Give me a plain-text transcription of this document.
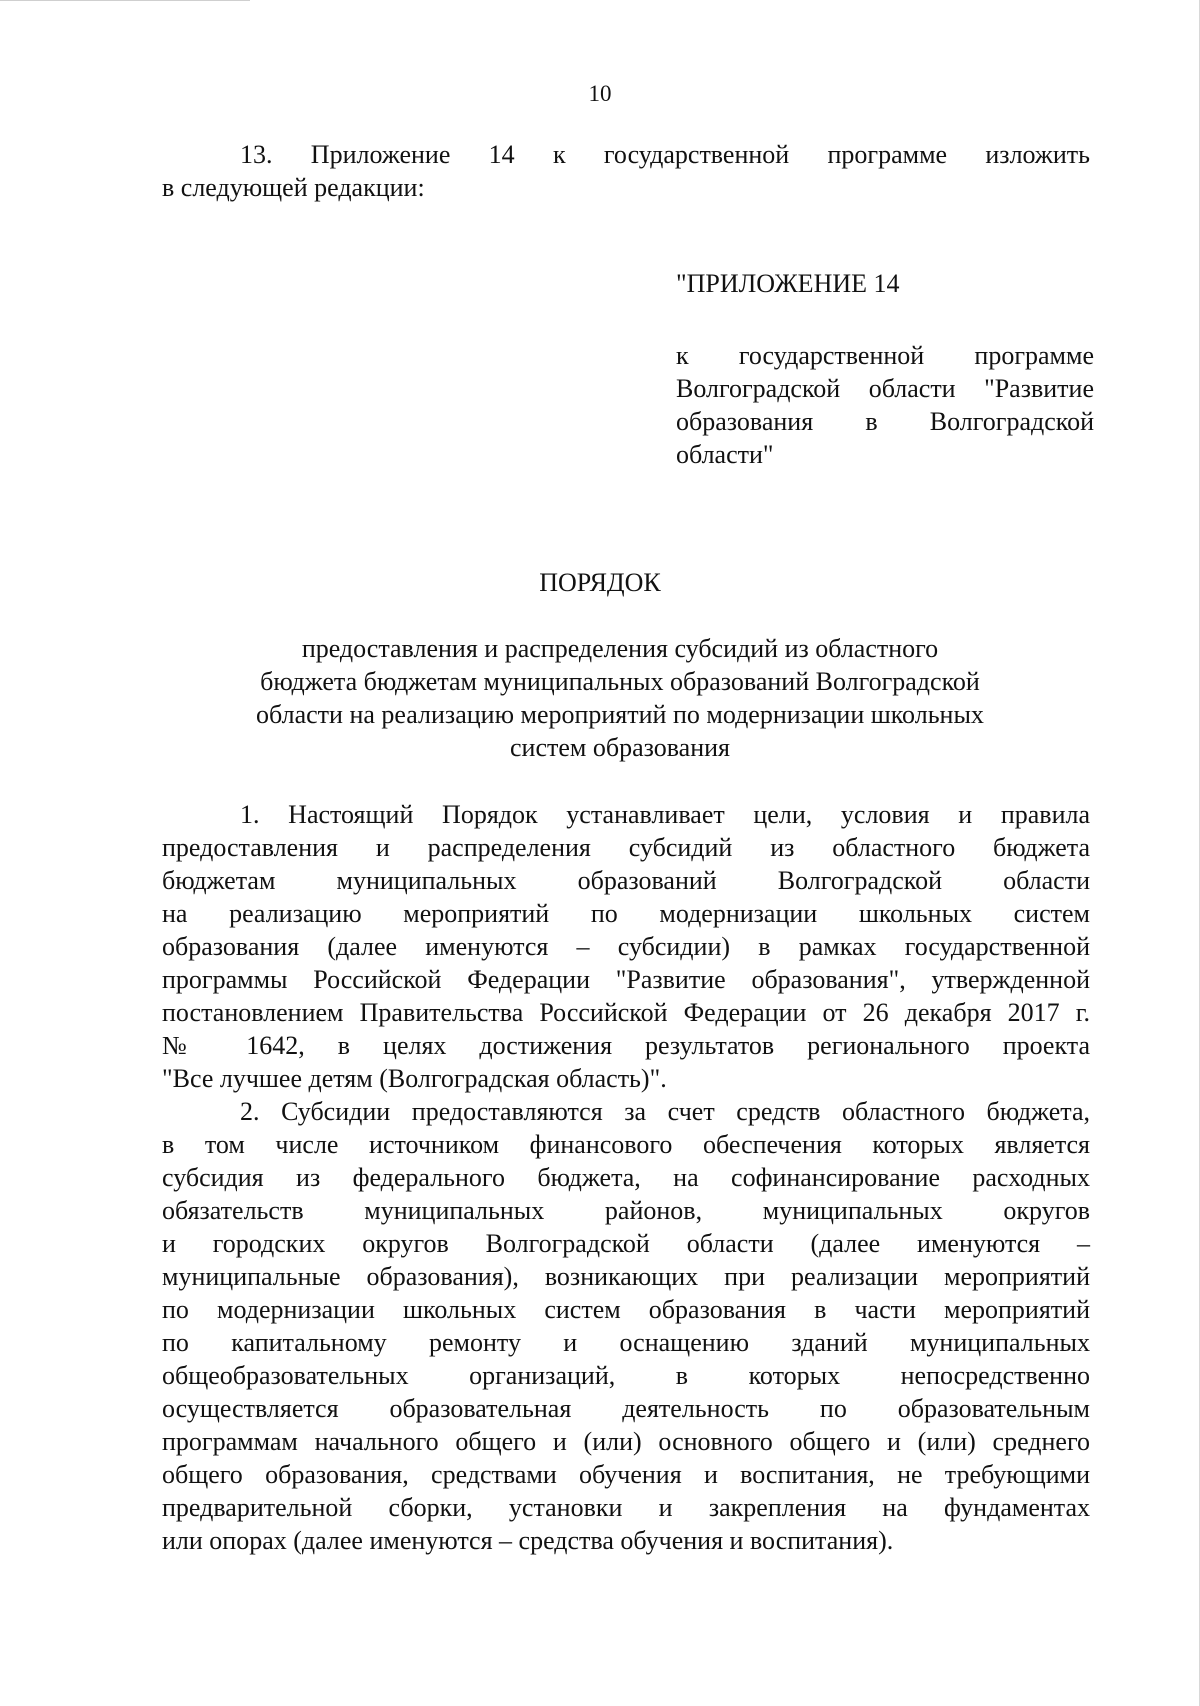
10
13. Приложение 14 к государственной программе изложить
в следующей редакции:
"ПРИЛОЖЕНИЕ 14
к государственной программе
Волгоградской области "Развитие
образования в Волгоградской
области"
ПОРЯДОК
предоставления и распределения субсидий из областного
бюджета бюджетам муниципальных образований Волгоградской
области на реализацию мероприятий по модернизации школьных
систем образования
1. Настоящий Порядок устанавливает цели, условия и правила
предоставления и распределения субсидий из областного бюджета
бюджетам муниципальных образований Волгоградской области
на реализацию мероприятий по модернизации школьных систем
образования (далее именуются – субсидии) в рамках государственной
программы Российской Федерации "Развитие образования", утвержденной
постановлением Правительства Российской Федерации от 26 декабря 2017 г.
№ 1642, в целях достижения результатов регионального проекта
"Все лучшее детям (Волгоградская область)".
2. Субсидии предоставляются за счет средств областного бюджета,
в том числе источником финансового обеспечения которых является
субсидия из федерального бюджета, на софинансирование расходных
обязательств муниципальных районов, муниципальных округов
и городских округов Волгоградской области (далее именуются –
муниципальные образования), возникающих при реализации мероприятий
по модернизации школьных систем образования в части мероприятий
по капитальному ремонту и оснащению зданий муниципальных
общеобразовательных организаций, в которых непосредственно
осуществляется образовательная деятельность по образовательным
программам начального общего и (или) основного общего и (или) среднего
общего образования, средствами обучения и воспитания, не требующими
предварительной сборки, установки и закрепления на фундаментах
или опорах (далее именуются – средства обучения и воспитания).
